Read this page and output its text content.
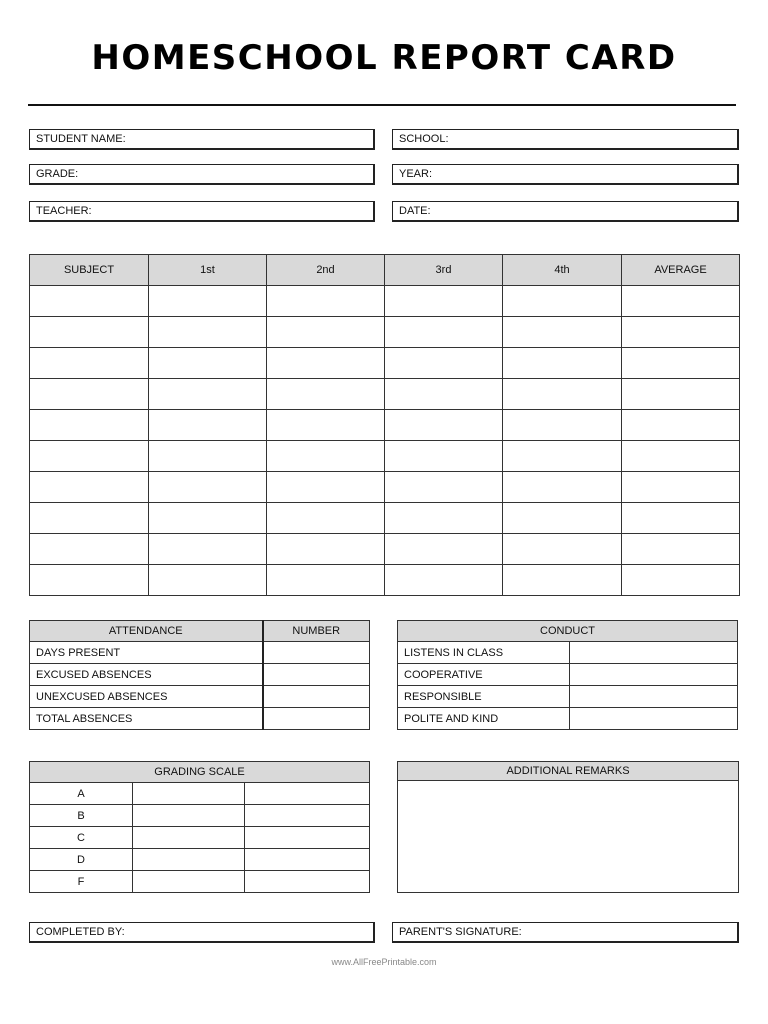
HOMESCHOOL REPORT CARD
STUDENT NAME:	SCHOOL:
GRADE:	YEAR:
TEACHER:	DATE:
SUBJECT	1st	2nd	3rd	4th	AVERAGE

ATTENDANCE	NUMBER
DAYS PRESENT	
EXCUSED ABSENCES	
UNEXCUSED ABSENCES	
TOTAL ABSENCES	
CONDUCT	
LISTENS IN CLASS	
COOPERATIVE	
RESPONSIBLE	
POLITE AND KIND	
GRADING SCALE		
A		
B		
C		
D		
F		
ADDITIONAL REMARKS
COMPLETED BY:	PARENT'S SIGNATURE:
www.AllFreePrintable.com
